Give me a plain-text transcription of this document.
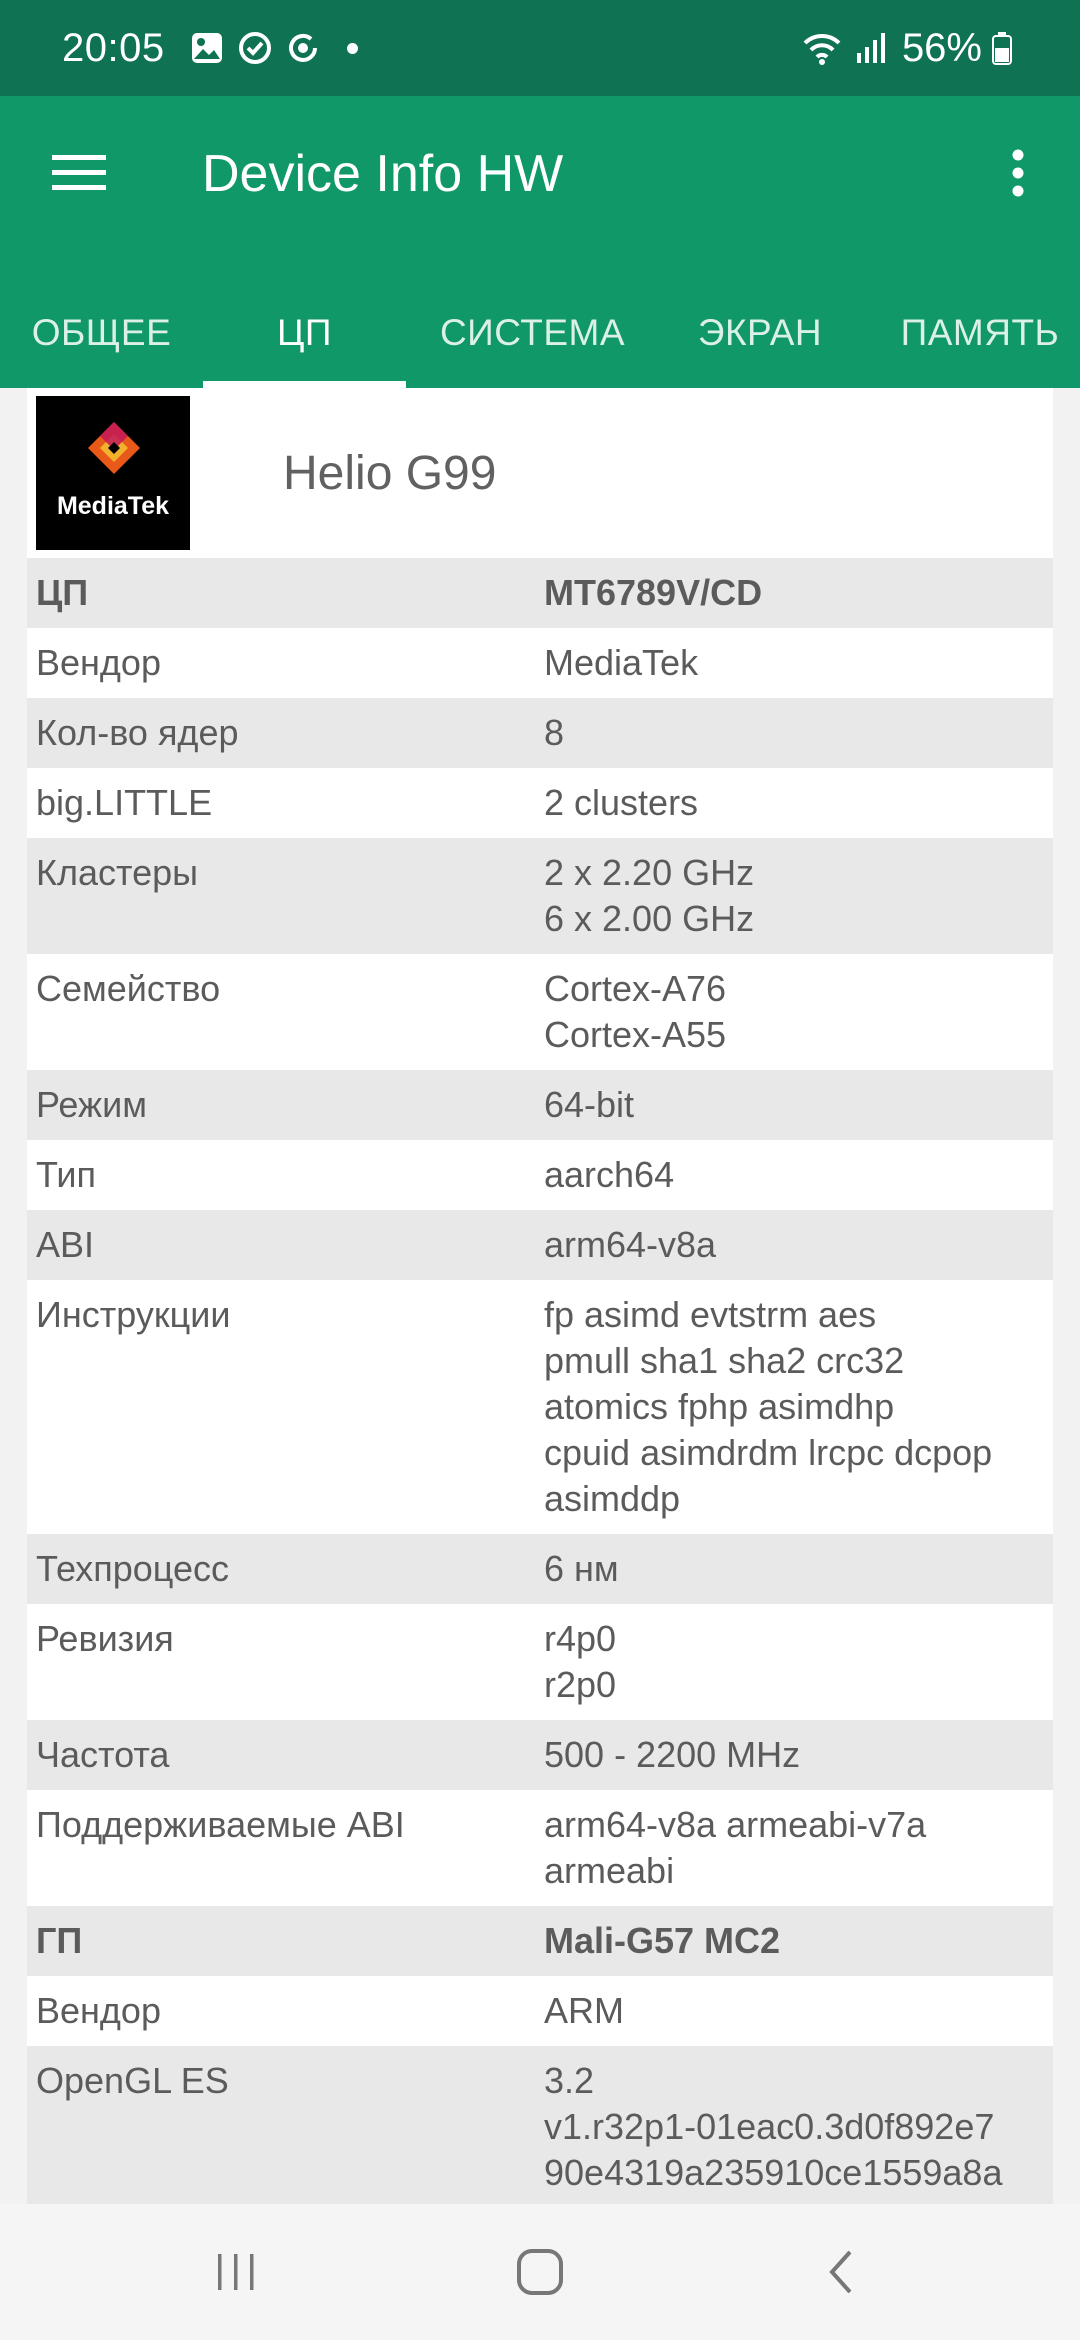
20:05	56%
Device Info HW
ОБЩЕЕ	ЦП	СИСТЕМА	ЭКРАН	ПАМЯТЬ
MediaTek
Helio G99
ЦП	MT6789V/CD
Вендор	MediaTek
Кол-во ядер	8
big.LITTLE	2 clusters
Кластеры	2 x 2.20 GHz
6 x 2.00 GHz
Семейство	Cortex-A76
Cortex-A55
Режим	64-bit
Тип	aarch64
ABI	arm64-v8a
Инструкции	fp asimd evtstrm aes
pmull sha1 sha2 crc32
atomics fphp asimdhp
cpuid asimdrdm lrcpc dcpop
asimddp
Техпроцесс	6 нм
Ревизия	r4p0
r2p0
Частота	500 - 2200 MHz
Поддерживаемые ABI	arm64-v8a armeabi-v7a
armeabi
ГП	Mali-G57 MC2
Вендор	ARM
OpenGL ES	3.2
v1.r32p1-01eac0.3d0f892e7
90e4319a235910ce1559a8a
